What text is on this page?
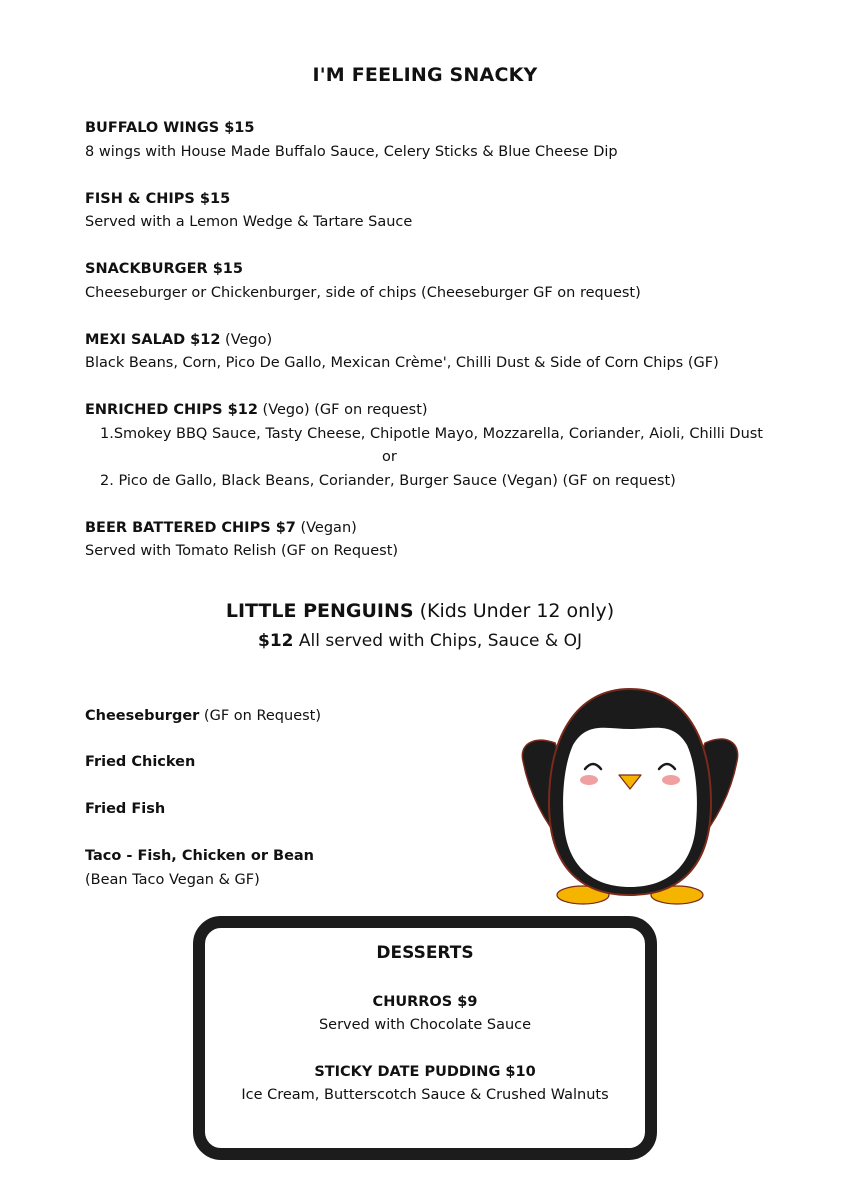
I'M FEELING SNACKY
BUFFALO WINGS $15
8 wings with House Made Buffalo Sauce, Celery Sticks & Blue Cheese Dip
FISH & CHIPS $15
Served with a Lemon Wedge & Tartare Sauce
SNACKBURGER $15
Cheeseburger or Chickenburger, side of chips (Cheeseburger GF on request)
MEXI SALAD $12 (Vego)
Black Beans, Corn, Pico De Gallo, Mexican Crème', Chilli Dust & Side of Corn Chips (GF)
ENRICHED CHIPS $12 (Vego) (GF on request)
1.Smokey BBQ Sauce, Tasty Cheese, Chipotle Mayo, Mozzarella, Coriander, Aioli, Chilli Dust
or
2. Pico de Gallo, Black Beans, Coriander, Burger Sauce (Vegan) (GF on request)
BEER BATTERED CHIPS $7 (Vegan)
Served with Tomato Relish (GF on Request)
LITTLE PENGUINS (Kids Under 12 only)
$12 All served with Chips, Sauce & OJ
Cheeseburger (GF on Request)
Fried Chicken
Fried Fish
Taco - Fish, Chicken or Bean
(Bean Taco Vegan & GF)
DESSERTS
CHURROS $9
Served with Chocolate Sauce
STICKY DATE PUDDING $10
Ice Cream, Butterscotch Sauce & Crushed Walnuts
